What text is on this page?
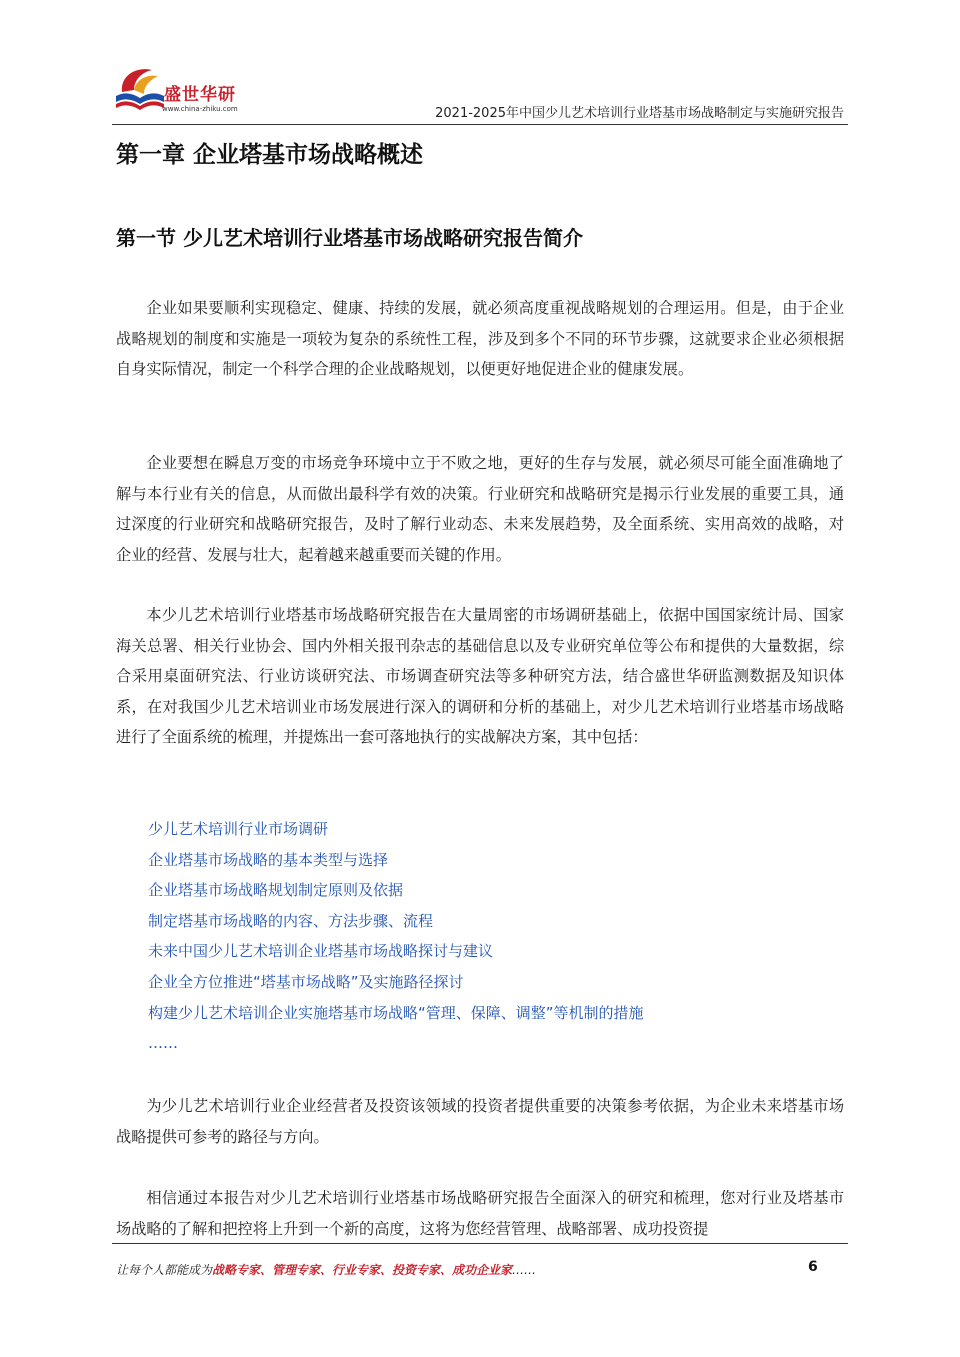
盛世华研
www.china-zhiku.com	2021-2025年中国少儿艺术培训行业塔基市场战略制定与实施研究报告
第一章 企业塔基市场战略概述
第一节 少儿艺术培训行业塔基市场战略研究报告简介

企业如果要顺利实现稳定、健康、持续的发展，就必须高度重视战略规划的合理运用。但是，由于企业战略规划的制度和实施是一项较为复杂的系统性工程，涉及到多个不同的环节步骤，这就要求企业必须根据自身实际情况，制定一个科学合理的企业战略规划，以便更好地促进企业的健康发展。

企业要想在瞬息万变的市场竞争环境中立于不败之地，更好的生存与发展，就必须尽可能全面准确地了解与本行业有关的信息，从而做出最科学有效的决策。行业研究和战略研究是揭示行业发展的重要工具，通过深度的行业研究和战略研究报告，及时了解行业动态、未来发展趋势，及全面系统、实用高效的战略，对企业的经营、发展与壮大，起着越来越重要而关键的作用。

本少儿艺术培训行业塔基市场战略研究报告在大量周密的市场调研基础上，依据中国国家统计局、国家海关总署、相关行业协会、国内外相关报刊杂志的基础信息以及专业研究单位等公布和提供的大量数据，综合采用桌面研究法、行业访谈研究法、市场调查研究法等多种研究方法，结合盛世华研监测数据及知识体系，在对我国少儿艺术培训业市场发展进行深入的调研和分析的基础上，对少儿艺术培训行业塔基市场战略进行了全面系统的梳理，并提炼出一套可落地执行的实战解决方案，其中包括：

少儿艺术培训行业市场调研
企业塔基市场战略的基本类型与选择
企业塔基市场战略规划制定原则及依据
制定塔基市场战略的内容、方法步骤、流程
未来中国少儿艺术培训企业塔基市场战略探讨与建议
企业全方位推进“塔基市场战略”及实施路径探讨
构建少儿艺术培训企业实施塔基市场战略“管理、保障、调整”等机制的措施
……

为少儿艺术培训行业企业经营者及投资该领域的投资者提供重要的决策参考依据，为企业未来塔基市场战略提供可参考的路径与方向。

相信通过本报告对少儿艺术培训行业塔基市场战略研究报告全面深入的研究和梳理，您对行业及塔基市场战略的了解和把控将上升到一个新的高度，这将为您经营管理、战略部署、成功投资提

让每个人都能成为战略专家、管理专家、行业专家、投资专家、成功企业家……	6
